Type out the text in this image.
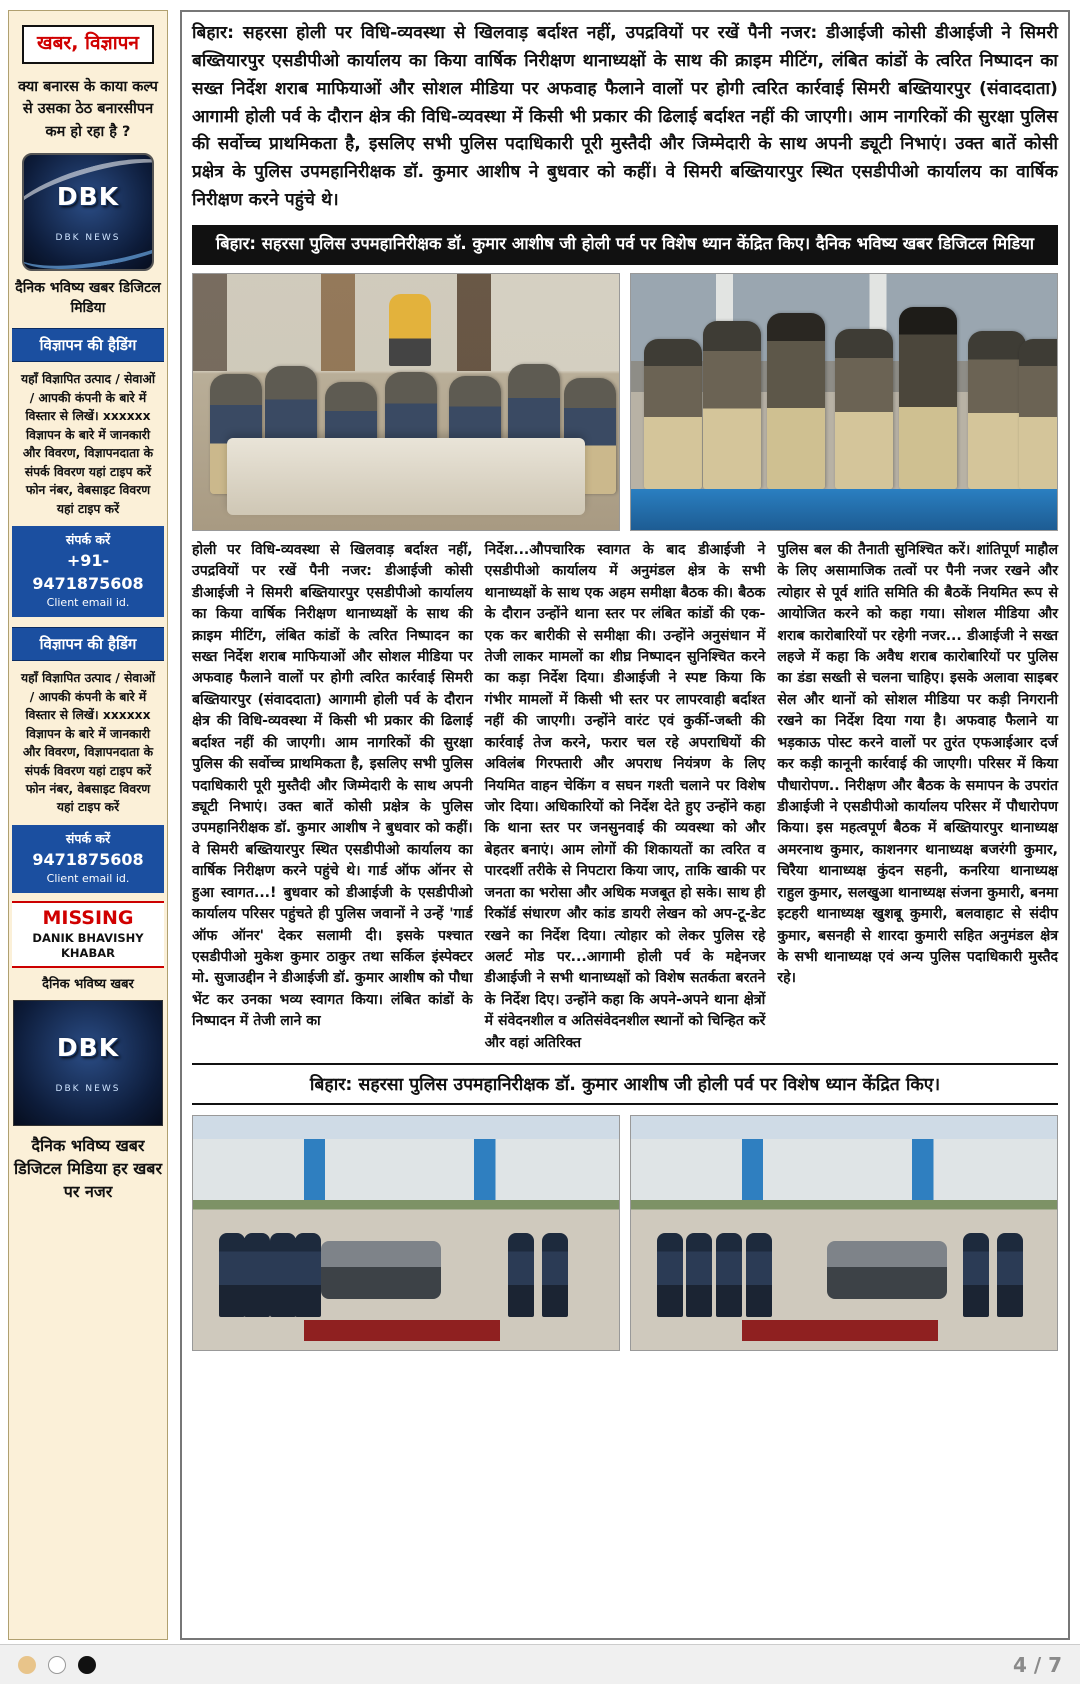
खबर, विज्ञापन
क्या बनारस के काया कल्प से उसका ठेठ बनारसीपन कम हो रहा है ?
DBK
DBK NEWS
दैनिक भविष्य खबर डिजिटल मिडिया
विज्ञापन की हैडिंग
यहाँ विज्ञापित उत्पाद / सेवाओं / आपकी कंपनी के बारे में विस्तार से लिखें। xxxxxx विज्ञापन के बारे में जानकारी और विवरण, विज्ञापनदाता के संपर्क विवरण यहां टाइप करें फोन नंबर, वेबसाइट विवरण यहां टाइप करें
संपर्क करें
+91-9471875608
Client email id.
विज्ञापन की हैडिंग
यहाँ विज्ञापित उत्पाद / सेवाओं / आपकी कंपनी के बारे में विस्तार से लिखें। xxxxxx विज्ञापन के बारे में जानकारी और विवरण, विज्ञापनदाता के संपर्क विवरण यहां टाइप करें फोन नंबर, वेबसाइट विवरण यहां टाइप करें
संपर्क करें
9471875608
Client email id.
MISSING
DANIK BHAVISHY KHABAR
दैनिक भविष्य खबर
DBK
DBK NEWS
दैनिक भविष्य खबर डिजिटल मिडिया हर खबर पर नजर
बिहार: सहरसा होली पर विधि-व्यवस्था से खिलवाड़ बर्दाश्त नहीं, उपद्रवियों पर रखें पैनी नजर: डीआईजी कोसी डीआईजी ने सिमरी बख्तियारपुर एसडीपीओ कार्यालय का किया वार्षिक निरीक्षण थानाध्यक्षों के साथ की क्राइम मीटिंग, लंबित कांडों के त्वरित निष्पादन का सख्त निर्देश शराब माफियाओं और सोशल मीडिया पर अफवाह फैलाने वालों पर होगी त्वरित कार्रवाई सिमरी बख्तियारपुर (संवाददाता) आगामी होली पर्व के दौरान क्षेत्र की विधि-व्यवस्था में किसी भी प्रकार की ढिलाई बर्दाश्त नहीं की जाएगी। आम नागरिकों की सुरक्षा पुलिस की सर्वोच्च प्राथमिकता है, इसलिए सभी पुलिस पदाधिकारी पूरी मुस्तैदी और जिम्मेदारी के साथ अपनी ड्यूटी निभाएं। उक्त बातें कोसी प्रक्षेत्र के पुलिस उपमहानिरीक्षक डॉ. कुमार आशीष ने बुधवार को कहीं। वे सिमरी बख्तियारपुर स्थित एसडीपीओ कार्यालय का वार्षिक निरीक्षण करने पहुंचे थे।
बिहार: सहरसा पुलिस उपमहानिरीक्षक डॉ. कुमार आशीष जी होली पर्व पर विशेष ध्यान केंद्रित किए। दैनिक भविष्य खबर डिजिटल मिडिया
होली पर विधि-व्यवस्था से खिलवाड़ बर्दाश्त नहीं, उपद्रवियों पर रखें पैनी नजर: डीआईजी कोसी डीआईजी ने सिमरी बख्तियारपुर एसडीपीओ कार्यालय का किया वार्षिक निरीक्षण थानाध्यक्षों के साथ की क्राइम मीटिंग, लंबित कांडों के त्वरित निष्पादन का सख्त निर्देश शराब माफियाओं और सोशल मीडिया पर अफवाह फैलाने वालों पर होगी त्वरित कार्रवाई सिमरी बख्तियारपुर (संवाददाता) आगामी होली पर्व के दौरान क्षेत्र की विधि-व्यवस्था में किसी भी प्रकार की ढिलाई बर्दाश्त नहीं की जाएगी। आम नागरिकों की सुरक्षा पुलिस की सर्वोच्च प्राथमिकता है, इसलिए सभी पुलिस पदाधिकारी पूरी मुस्तैदी और जिम्मेदारी के साथ अपनी ड्यूटी निभाएं। उक्त बातें कोसी प्रक्षेत्र के पुलिस उपमहानिरीक्षक डॉ. कुमार आशीष ने बुधवार को कहीं। वे सिमरी बख्तियारपुर स्थित एसडीपीओ कार्यालय का वार्षिक निरीक्षण करने पहुंचे थे। गार्ड ऑफ ऑनर से हुआ स्वागत...! बुधवार को डीआईजी के एसडीपीओ कार्यालय परिसर पहुंचते ही पुलिस जवानों ने उन्हें 'गार्ड ऑफ ऑनर' देकर सलामी दी। इसके पश्चात एसडीपीओ मुकेश कुमार ठाकुर तथा सर्किल इंस्पेक्टर मो. सुजाउद्दीन ने डीआईजी डॉ. कुमार आशीष को पौधा भेंट कर उनका भव्य स्वागत किया। लंबित कांडों के निष्पादन में तेजी लाने का
निर्देश...औपचारिक स्वागत के बाद डीआईजी ने एसडीपीओ कार्यालय में अनुमंडल क्षेत्र के सभी थानाध्यक्षों के साथ एक अहम समीक्षा बैठक की। बैठक के दौरान उन्होंने थाना स्तर पर लंबित कांडों की एक-एक कर बारीकी से समीक्षा की। उन्होंने अनुसंधान में तेजी लाकर मामलों का शीघ्र निष्पादन सुनिश्चित करने का कड़ा निर्देश दिया। डीआईजी ने स्पष्ट किया कि गंभीर मामलों में किसी भी स्तर पर लापरवाही बर्दाश्त नहीं की जाएगी। उन्होंने वारंट एवं कुर्की-जब्ती की कार्रवाई तेज करने, फरार चल रहे अपराधियों की अविलंब गिरफ्तारी और अपराध नियंत्रण के लिए नियमित वाहन चेकिंग व सघन गश्ती चलाने पर विशेष जोर दिया। अधिकारियों को निर्देश देते हुए उन्होंने कहा कि थाना स्तर पर जनसुनवाई की व्यवस्था को और बेहतर बनाएं। आम लोगों की शिकायतों का त्वरित व पारदर्शी तरीके से निपटारा किया जाए, ताकि खाकी पर जनता का भरोसा और अधिक मजबूत हो सके। साथ ही रिकॉर्ड संधारण और कांड डायरी लेखन को अप-टू-डेट रखने का निर्देश दिया। त्योहार को लेकर पुलिस रहे अलर्ट मोड पर...आगामी होली पर्व के मद्देनजर डीआईजी ने सभी थानाध्यक्षों को विशेष सतर्कता बरतने के निर्देश दिए। उन्होंने कहा कि अपने-अपने थाना क्षेत्रों में संवेदनशील व अतिसंवेदनशील स्थानों को चिन्हित करें और वहां अतिरिक्त
पुलिस बल की तैनाती सुनिश्चित करें। शांतिपूर्ण माहौल के लिए असामाजिक तत्वों पर पैनी नजर रखने और त्योहार से पूर्व शांति समिति की बैठकें नियमित रूप से आयोजित करने को कहा गया। सोशल मीडिया और शराब कारोबारियों पर रहेगी नजर... डीआईजी ने सख्त लहजे में कहा कि अवैध शराब कारोबारियों पर पुलिस का डंडा सख्ती से चलना चाहिए। इसके अलावा साइबर सेल और थानों को सोशल मीडिया पर कड़ी निगरानी रखने का निर्देश दिया गया है। अफवाह फैलाने या भड़काऊ पोस्ट करने वालों पर तुरंत एफआईआर दर्ज कर कड़ी कानूनी कार्रवाई की जाएगी। परिसर में किया पौधारोपण.. निरीक्षण और बैठक के समापन के उपरांत डीआईजी ने एसडीपीओ कार्यालय परिसर में पौधारोपण किया। इस महत्वपूर्ण बैठक में बख्तियारपुर थानाध्यक्ष अमरनाथ कुमार, काशनगर थानाध्यक्ष बजरंगी कुमार, चिरैया थानाध्यक्ष कुंदन सहनी, कनरिया थानाध्यक्ष राहुल कुमार, सलखुआ थानाध्यक्ष संजना कुमारी, बनमा इटहरी थानाध्यक्ष खुशबू कुमारी, बलवाहाट से संदीप कुमार, बसनही से शारदा कुमारी सहित अनुमंडल क्षेत्र के सभी थानाध्यक्ष एवं अन्य पुलिस पदाधिकारी मुस्तैद रहे।
बिहार: सहरसा पुलिस उपमहानिरीक्षक डॉ. कुमार आशीष जी होली पर्व पर विशेष ध्यान केंद्रित किए।
4 / 7
